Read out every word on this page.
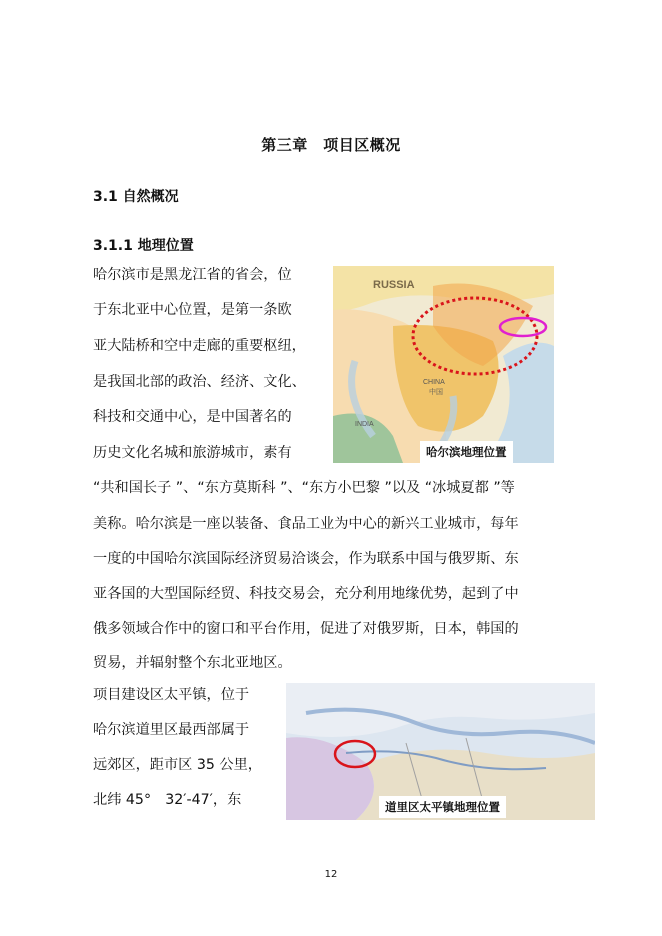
第三章　项目区概况
3.1 自然概况
3.1.1 地理位置
哈尔滨市是黑龙江省的省会，位
于东北亚中心位置，是第一条欧
亚大陆桥和空中走廊的重要枢纽，
是我国北部的政治、经济、文化、
科技和交通中心，是中国著名的
历史文化名城和旅游城市，素有
“共和国长子 ”、“东方莫斯科 ”、“东方小巴黎 ”以及 “冰城夏都 ”等
美称。哈尔滨是一座以装备、食品工业为中心的新兴工业城市，每年
一度的中国哈尔滨国际经济贸易洽谈会，作为联系中国与俄罗斯、东
亚各国的大型国际经贸、科技交易会，充分利用地缘优势，起到了中
俄多领域合作中的窗口和平台作用，促进了对俄罗斯，日本，韩国的
贸易，并辐射整个东北亚地区。
项目建设区太平镇，位于
哈尔滨道里区最西部属于
远郊区，距市区 35 公里，
北纬 45°　32′-47′，东
RUSSIA
CHINA
中国
INDIA
哈尔滨地理位置
道里区太平镇地理位置
12
